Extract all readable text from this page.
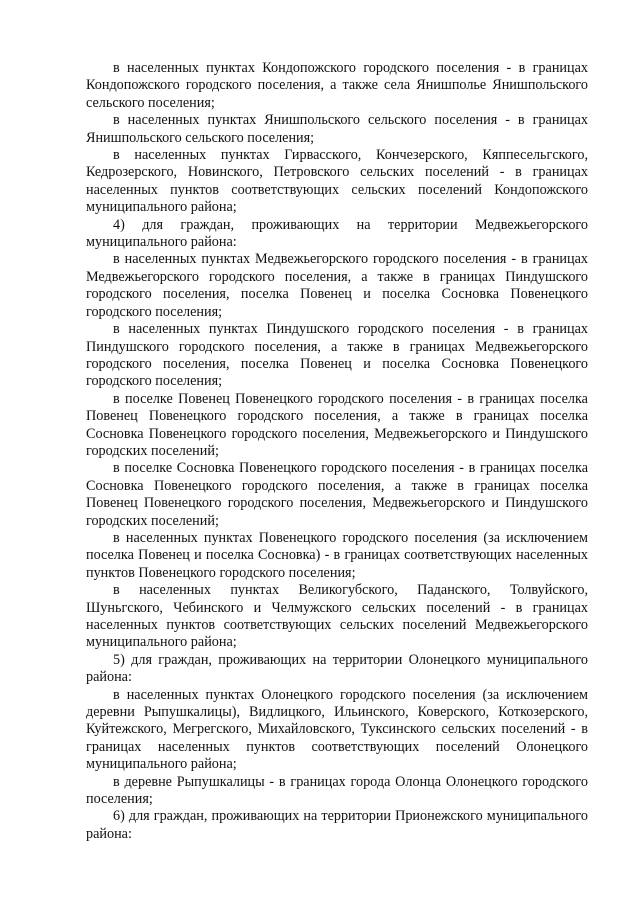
в населенных пунктах Кондопожского городского поселения - в границах Кондопожского городского поселения, а также села Янишполье Янишпольского сельского поселения;

в населенных пунктах Янишпольского сельского поселения - в границах Янишпольского сельского поселения;

в населенных пунктах Гирвасского, Кончезерского, Кяппесельгского, Кедрозерского, Новинского, Петровского сельских поселений - в границах населенных пунктов соответствующих сельских поселений Кондопожского муниципального района;

4) для граждан, проживающих на территории Медвежьегорского муниципального района:

в населенных пунктах Медвежьегорского городского поселения - в границах Медвежьегорского городского поселения, а также в границах Пиндушского городского поселения, поселка Повенец и поселка Сосновка Повенецкого городского поселения;

в населенных пунктах Пиндушского городского поселения - в границах Пиндушского городского поселения, а также в границах Медвежьегорского городского поселения, поселка Повенец и поселка Сосновка Повенецкого городского поселения;

в поселке Повенец Повенецкого городского поселения - в границах поселка Повенец Повенецкого городского поселения, а также в границах поселка Сосновка Повенецкого городского поселения, Медвежьегорского и Пиндушского городских поселений;

в поселке Сосновка Повенецкого городского поселения - в границах поселка Сосновка Повенецкого городского поселения, а также в границах поселка Повенец Повенецкого городского поселения, Медвежьегорского и Пиндушского городских поселений;

в населенных пунктах Повенецкого городского поселения (за исключением поселка Повенец и поселка Сосновка) - в границах соответствующих населенных пунктов Повенецкого городского поселения;

в населенных пунктах Великогубского, Паданского, Толвуйского, Шуньгского, Чебинского и Челмужского сельских поселений - в границах населенных пунктов соответствующих сельских поселений Медвежьегорского муниципального района;

5) для граждан, проживающих на территории Олонецкого муниципального района:

в населенных пунктах Олонецкого городского поселения (за исключением деревни Рыпушкалицы), Видлицкого, Ильинского, Коверского, Коткозерского, Куйтежского, Мегрегского, Михайловского, Туксинского сельских поселений - в границах населенных пунктов соответствующих поселений Олонецкого муниципального района;

в деревне Рыпушкалицы - в границах города Олонца Олонецкого городского поселения;

6) для граждан, проживающих на территории Прионежского муниципального района:
